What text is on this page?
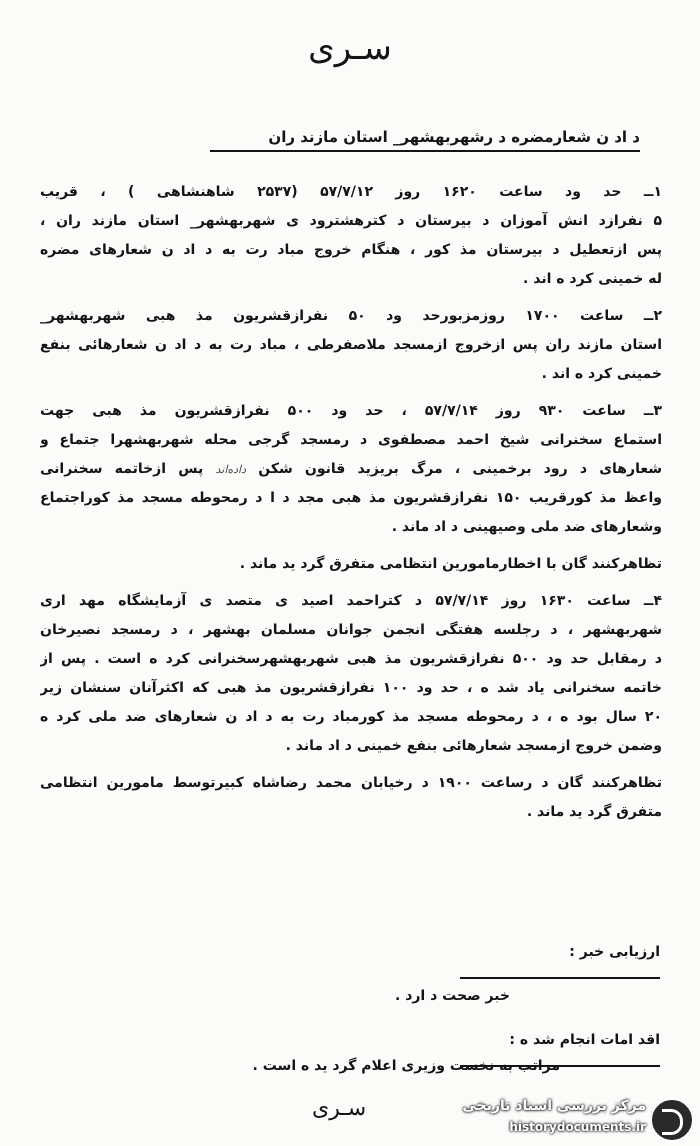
سـری
د اد ن شعارمضره د رشهربهشهر_ استان مازند ران
۱ــ حد ود ساعت ۱۶۲۰ روز ۵۷/۷/۱۲ (۲۵۳۷ شاهنشاهی ) ، قریب
۵ نفرازد انش آموزان د بیرستان د کترهشترود ی شهربهشهر_ استان مازند ران ،
پس ازتعطیل د بیرستان مذ کور ، هنگام خروج مباد رت به د اد ن شعارهای مضره
له خمینی کرد ه اند .
۲ــ ساعت ۱۷۰۰ روزمزبورحد ود ۵۰ نفرازقشریون مذ هبی شهربهشهر_
استان مازند ران پس ازخروج ازمسجد ملاصفرطی ، مباد رت به د اد ن شعارهائی بنفع
خمینی کرد ه اند .
۳ــ ساعت ۹۳۰ روز ۵۷/۷/۱۴ ، حد ود ۵۰۰ نفرازقشریون مذ هبی جهت
استماع سخنرانی شیخ احمد مصطفوی د رمسجد گرجی محله شهربهشهرا جتماع و
شعارهای د رود برخمینی ، مرگ بریزید قانون شکن داده‌اند پس ازخاتمه سخنرانی
واعظ مذ کورقریب ۱۵۰ نفرازقشریون مذ هبی مجد د ا د رمحوطه مسجد مذ کوراجتماع
وشعارهای ضد ملی وصیهینی د اد ماند .
تظاهرکنند گان با اخطارمامورین انتظامی متفرق گرد ید ماند .
۴ــ ساعت ۱۶۳۰ روز ۵۷/۷/۱۴ د کتراحمد اصید ی متصد ی آزمایشگاه مهد اری
شهربهشهر ، د رجلسه هفتگی انجمن جوانان مسلمان بهشهر ، د رمسجد نصیرخان
د رمقابل حد ود ۵۰۰ نفرازقشریون مذ هبی شهربهشهرسخنرانی کرد ه است . پس از
خاتمه سخنرانی یاد شد ه ، حد ود ۱۰۰ نفرازقشریون مذ هبی که اکثرآنان سنشان زیر
۲۰ سال بود ه ، د رمحوطه مسجد مذ کورمباد رت به د اد ن شعارهای ضد ملی کرد ه
وضمن خروج ازمسجد شعارهائی بنفع خمینی د اد ماند .
تظاهرکنند گان د رساعت ۱۹۰۰ د رخیابان محمد رضاشاه کبیرتوسط مامورین انتظامی
متفرق گرد ید ماند .
ارزیابی خبر :
خبر صحت د ارد .
اقد امات انجام شد ه :
مراتب به نخست وزیری اعلام گرد ید ه است .
سـری	مرکز بررسی اسناد تاریخی
historydocuments.ir
